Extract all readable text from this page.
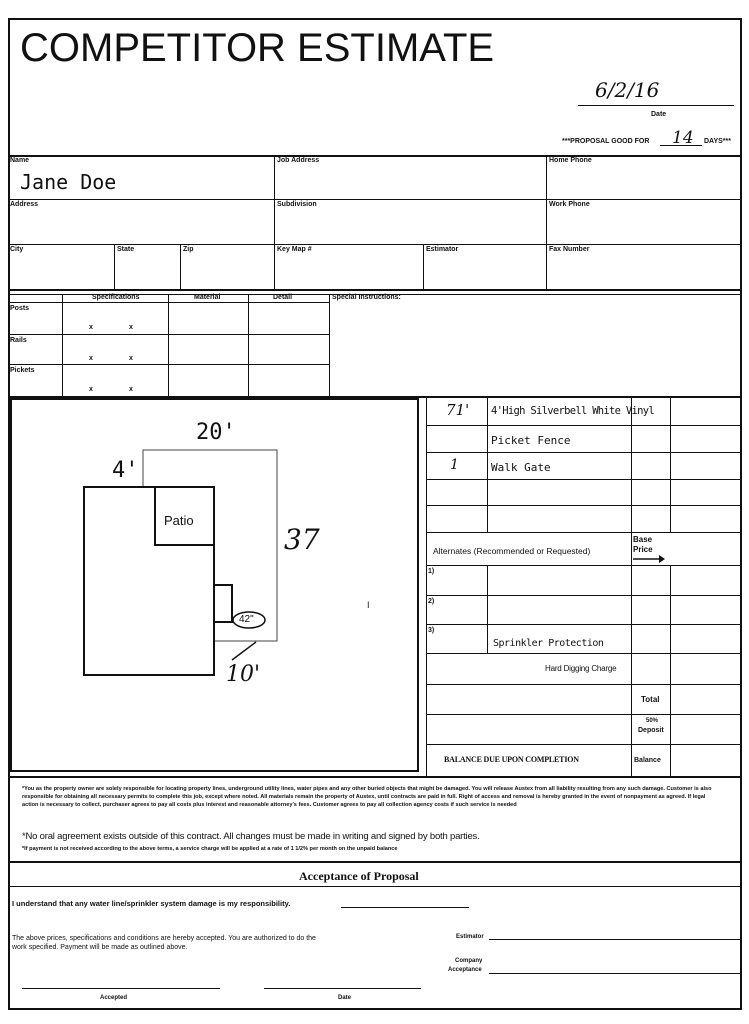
COMPETITOR ESTIMATE
6/2/16
Date
***PROPOSAL GOOD FOR 14 DAYS***
Name
Jane Doe
Job Address	Home Phone
Address	Subdivision	Work Phone
City	State	Zip	Key Map #	Estimator	Fax Number
Specifications	Material	Detail	Special Instructions:
Posts
x	x
Rails
x	x
Pickets
x	x
20'
4'
Patio
37
42"
10'
I
71' 4'High Silverbell White Vinyl
Picket Fence
1	Walk Gate
Alternates (Recommended or Requested)
Base
Price
1)
2)
3)
Sprinkler Protection
Hard Digging Charge
Total
50%
Deposit
BALANCE DUE UPON COMPLETION	Balance
*You as the property owner are solely responsible for locating property lines, underground utility lines, water pipes and any other buried objects that might be damaged. You will release Austex from all liability resulting from any such damage. Customer is also responsible for obtaining all necessary permits to complete this job, except where noted. All materials remain the property of Austex, until contracts are paid in full. Right of access and removal is hereby granted in the event of nonpayment as agreed. If legal action is necessary to collect, purchaser agrees to pay all costs plus interest and reasonable attorney's fees. Customer agrees to pay all collection agency costs if such service is needed
*No oral agreement exists outside of this contract. All changes must be made in writing and signed by both parties.
*If payment is not received according to the above terms, a service charge will be applied at a rate of 1 1/2% per month on the unpaid balance
Acceptance of Proposal
I understand that any water line/sprinkler system damage is my responsibility.
The above prices, specifications and conditions are hereby accepted. You are authorized to do the work specified. Payment will be made as outlined above.
Estimator
Company
Acceptance
Accepted	Date
